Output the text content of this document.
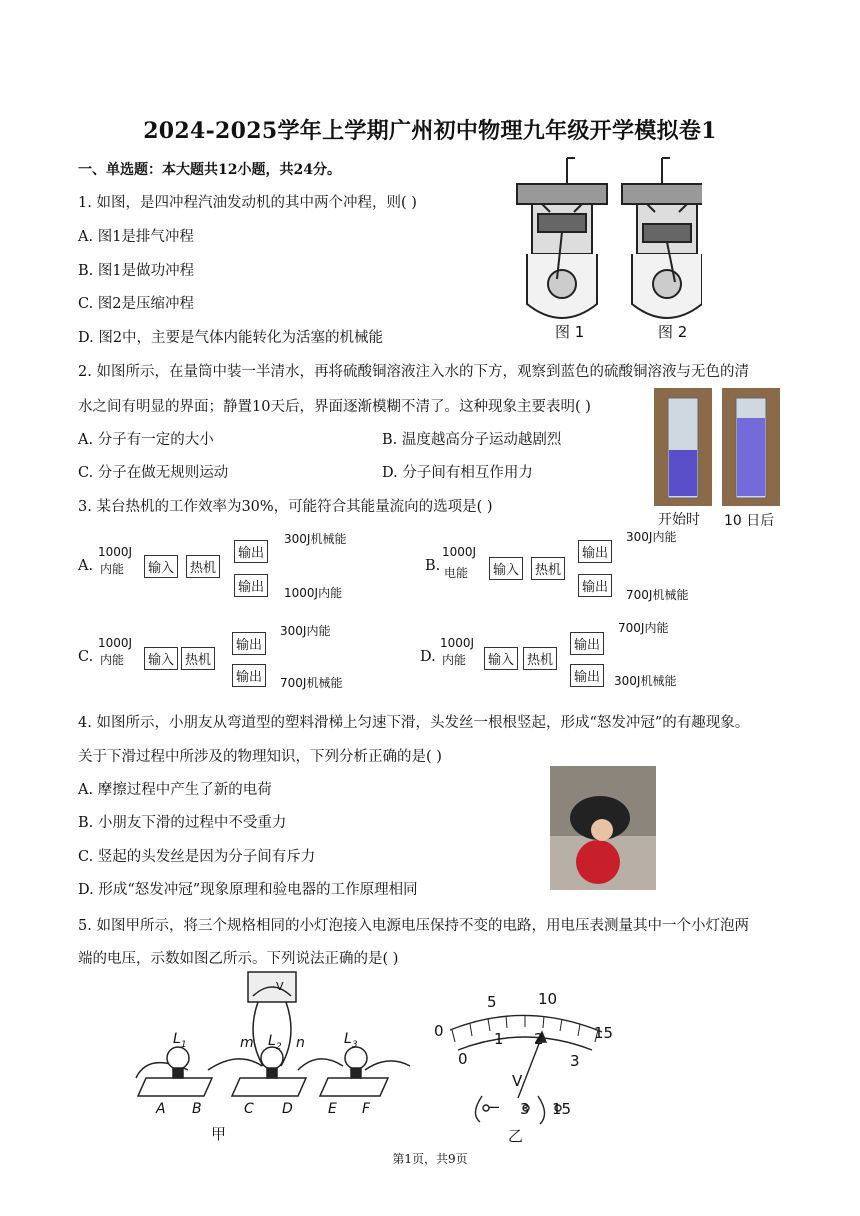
2024-2025学年上学期广州初中物理九年级开学模拟卷1
一、单选题：本大题共12小题，共24分。
1. 如图，是四冲程汽油发动机的其中两个冲程，则( )
A. 图1是排气冲程
B. 图1是做功冲程
C. 图2是压缩冲程
D. 图2中，主要是气体内能转化为活塞的机械能	图 1	图 2
2. 如图所示，在量筒中装一半清水，再将硫酸铜溶液注入水的下方，观察到蓝色的硫酸铜溶液与无色的清
水之间有明显的界面；静置10天后，界面逐渐模糊不清了。这种现象主要表明( )
A. 分子有一定的大小	B. 温度越高分子运动越剧烈
C. 分子在做无规则运动	D. 分子间有相互作用力
开始时 10 日后
3. 某台热机的工作效率为30%，可能符合其能量流向的选项是( )
A.
1000J
内能	输入	热机
输出
输出
300J机械能
1000J内能
B.
1000J
电能	输入	热机
输出
输出
300J内能
700J机械能
C.
1000J
内能	输入 热机
输出
输出
300J内能
700J机械能
D.
1000J
内能	输入 热机
输出
输出
700J内能
300J机械能
4. 如图所示，小朋友从弯道型的塑料滑梯上匀速下滑，头发丝一根根竖起，形成“怒发冲冠”的有趣现象。
关于下滑过程中所涉及的物理知识，下列分析正确的是( )
A. 摩擦过程中产生了新的电荷
B. 小朋友下滑的过程中不受重力
C. 竖起的头发丝是因为分子间有斥力
D. 形成“怒发冲冠”现象原理和验电器的工作原理相同
5. 如图甲所示，将三个规格相同的小灯泡接入电源电压保持不变的电路，用电压表测量其中一个小灯泡两
端的电压，示数如图乙所示。下列说法正确的是( )
$L_1$	$L_2$	$L_3$
m	n
V
A B	C D	E F
甲
0
5	10
15
0
1 2
3
V
− 3 15
乙
第1页，共9页
